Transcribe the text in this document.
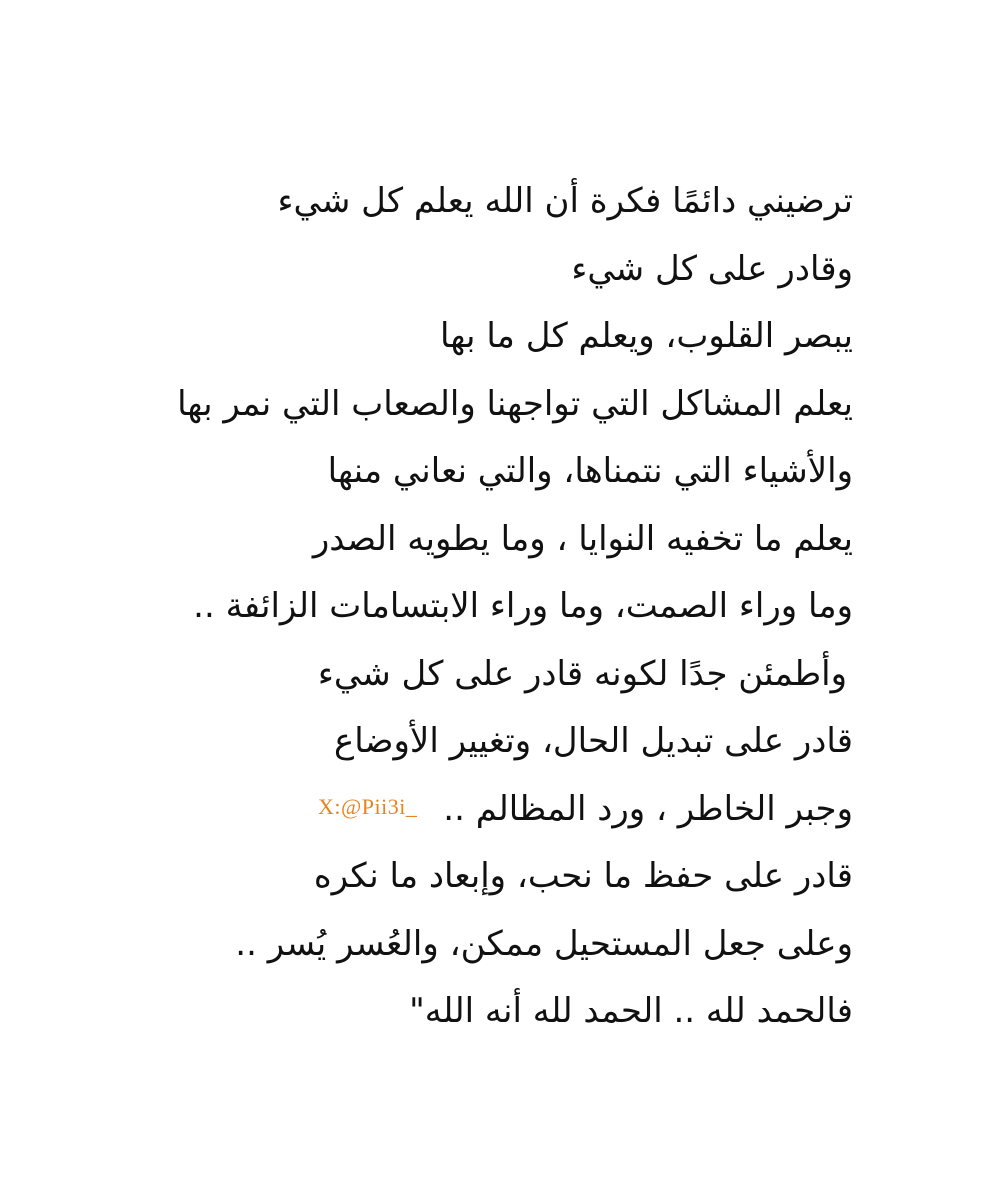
ترضيني دائمًا فكرة أن الله يعلم كل شيء
وقادر على كل شيء
يبصر القلوب، ويعلم كل ما بها
يعلم المشاكل التي تواجهنا والصعاب التي نمر بها
والأشياء التي نتمناها، والتي نعاني منها
يعلم ما تخفيه النوايا ، وما يطويه الصدر
وما وراء الصمت، وما وراء الابتسامات الزائفة ..
وأطمئن جدًا لكونه قادر على كل شيء
قادر على تبديل الحال، وتغيير الأوضاع
وجبر الخاطر ، ورد المظالم ..
قادر على حفظ ما نحب، وإبعاد ما نكره
وعلى جعل المستحيل ممكن، والعُسر يُسر ..
فالحمد لله .. الحمد لله أنه الله"
X:@Pii3i_
